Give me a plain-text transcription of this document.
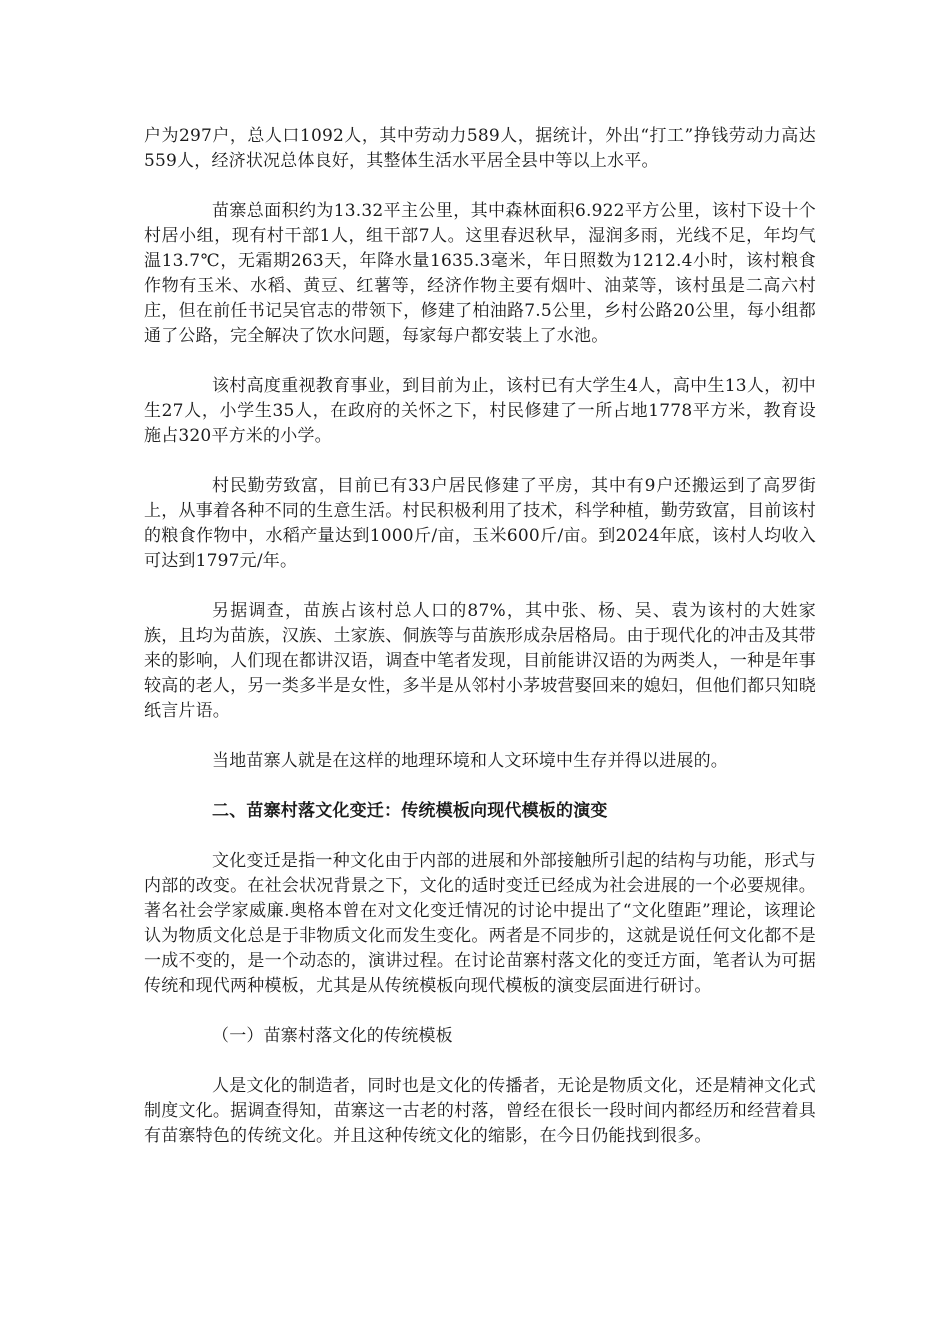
户为297户，总人口1092人，其中劳动力589人，据统计，外出“打工”挣钱劳动力高达559人，经济状况总体良好，其整体生活水平居全县中等以上水平。

苗寨总面积约为13.32平主公里，其中森林面积6.922平方公里，该村下设十个村居小组，现有村干部1人，组干部7人。这里春迟秋早，湿润多雨，光线不足，年均气温13.7℃，无霜期263天，年降水量1635.3毫米，年日照数为1212.4小时，该村粮食作物有玉米、水稻、黄豆、红薯等，经济作物主要有烟叶、油菜等，该村虽是二高六村庄，但在前任书记吴官志的带领下，修建了柏油路7.5公里，乡村公路20公里，每小组都通了公路，完全解决了饮水问题，每家每户都安装上了水池。

该村高度重视教育事业，到目前为止，该村已有大学生4人，高中生13人，初中生27人，小学生35人，在政府的关怀之下，村民修建了一所占地1778平方米，教育设施占320平方米的小学。

村民勤劳致富，目前已有33户居民修建了平房，其中有9户还搬运到了高罗街上，从事着各种不同的生意生活。村民积极利用了技术，科学种植，勤劳致富，目前该村的粮食作物中，水稻产量达到1000斤/亩，玉米600斤/亩。到2024年底，该村人均收入可达到1797元/年。

另据调查，苗族占该村总人口的87%，其中张、杨、吴、袁为该村的大姓家族，且均为苗族，汉族、土家族、侗族等与苗族形成杂居格局。由于现代化的冲击及其带来的影响，人们现在都讲汉语，调查中笔者发现，目前能讲汉语的为两类人，一种是年事较高的老人，另一类多半是女性，多半是从邻村小茅坡营娶回来的媳妇，但他们都只知晓纸言片语。

当地苗寨人就是在这样的地理环境和人文环境中生存并得以进展的。

二、苗寨村落文化变迁：传统模板向现代模板的演变

文化变迁是指一种文化由于内部的进展和外部接触所引起的结构与功能，形式与内部的改变。在社会状况背景之下，文化的适时变迁已经成为社会进展的一个必要规律。著名社会学家威廉.奥格本曾在对文化变迁情况的讨论中提出了“文化堕距”理论，该理论认为物质文化总是于非物质文化而发生变化。两者是不同步的，这就是说任何文化都不是一成不变的，是一个动态的，演讲过程。在讨论苗寨村落文化的变迁方面，笔者认为可据传统和现代两种模板，尤其是从传统模板向现代模板的演变层面进行研讨。

（一）苗寨村落文化的传统模板

人是文化的制造者，同时也是文化的传播者，无论是物质文化，还是精神文化式制度文化。据调查得知，苗寨这一古老的村落，曾经在很长一段时间内都经历和经营着具有苗寨特色的传统文化。并且这种传统文化的缩影，在今日仍能找到很多。
